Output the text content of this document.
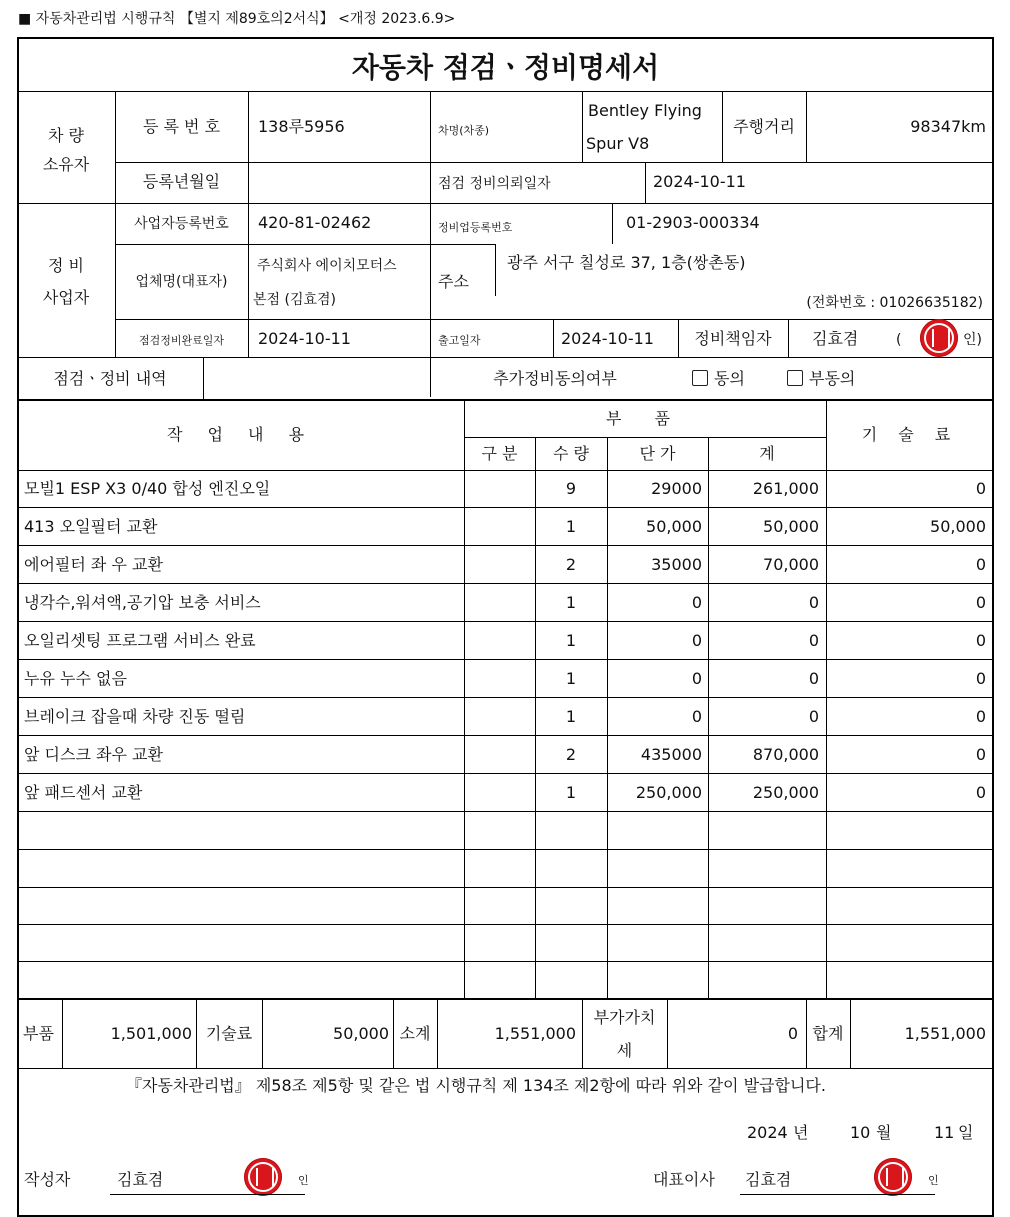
■ 자동차관리법 시행규칙 【별지 제89호의2서식】 <개정 2023.6.9>
자동차 점검ㆍ정비명세서
차 량
소유자
등 록 번 호	138루5956	차명(차종)
Bentley Flying
Spur V8
주행거리	98347km
등록년월일	점검 정비의뢰일자	2024-10-11
정 비
사업자
사업자등록번호	420-81-02462	정비업등록번호	01-2903-000334
업체명(대표자)
주식회사 에이치모터스
본점 (김효겸)
주소
광주 서구 칠성로 37, 1층(쌍촌동)
(전화번호 : 01026635182)
점검정비완료일자	2024-10-11	출고일자	2024-10-11	정비책임자	김효겸	(	인)
점검ㆍ정비 내역	추가정비동의여부	동의	부동의
작 업 내 용
부 품
구 분	수 량	단 가	계
기 술 료
모빌1 ESP X3 0/40 합성 엔진오일	9	29000	261,000	0
413 오일필터 교환	1	50,000	50,000	50,000
에어필터 좌 우 교환	2	35000	70,000	0
냉각수,워셔액,공기압 보충 서비스	1	0	0	0
오일리셋팅 프로그램 서비스 완료	1	0	0	0
누유 누수 없음	1	0	0	0
브레이크 잡을때 차량 진동 떨림	1	0	0	0
앞 디스크 좌우 교환	2	435000	870,000	0
앞 패드센서 교환	1	250,000	250,000	0
부품	1,501,000 기술료	50,000 소계	1,551,000
부가가치
세
0 합계	1,551,000
『자동차관리법』 제58조 제5항 및 같은 법 시행규칙 제 134조 제2항에 따라 위와 같이 발급합니다.
2024 년	10 월	11 일
작성자	김효겸	인	대표이사 김효겸	인
